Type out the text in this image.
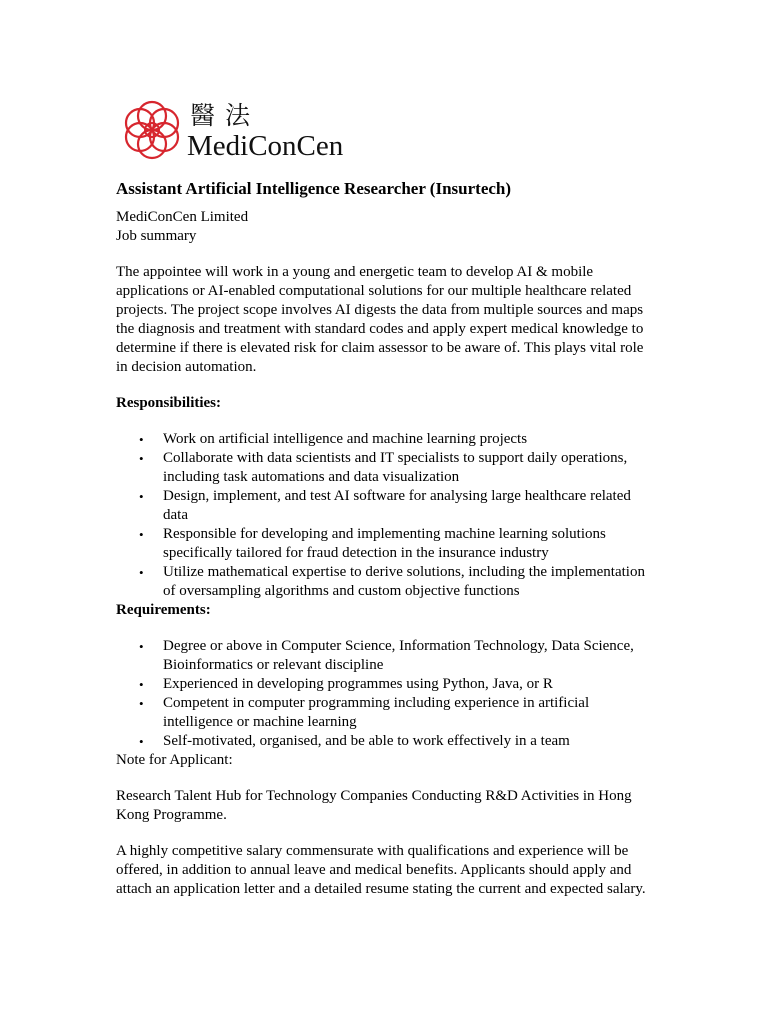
醫法
MediConCen
Assistant Artificial Intelligence Researcher (Insurtech)

MediConCen Limited

Job summary

The appointee will work in a young and energetic team to develop AI & mobile applications or AI-enabled computational solutions for our multiple healthcare related projects. The project scope involves AI digests the data from multiple sources and maps the diagnosis and treatment with standard codes and apply expert medical knowledge to determine if there is elevated risk for claim assessor to be aware of. This plays vital role in decision automation.

Responsibilities:

• Work on artificial intelligence and machine learning projects
• Collaborate with data scientists and IT specialists to support daily operations, including task automations and data visualization
• Design, implement, and test AI software for analysing large healthcare related data
• Responsible for developing and implementing machine learning solutions specifically tailored for fraud detection in the insurance industry
• Utilize mathematical expertise to derive solutions, including the implementation of oversampling algorithms and custom objective functions

Requirements:

• Degree or above in Computer Science, Information Technology, Data Science, Bioinformatics or relevant discipline
• Experienced in developing programmes using Python, Java, or R
• Competent in computer programming including experience in artificial intelligence or machine learning
• Self-motivated, organised, and be able to work effectively in a team

Note for Applicant:

Research Talent Hub for Technology Companies Conducting R&D Activities in Hong Kong Programme.

A highly competitive salary commensurate with qualifications and experience will be offered, in addition to annual leave and medical benefits. Applicants should apply and attach an application letter and a detailed resume stating the current and expected salary.
